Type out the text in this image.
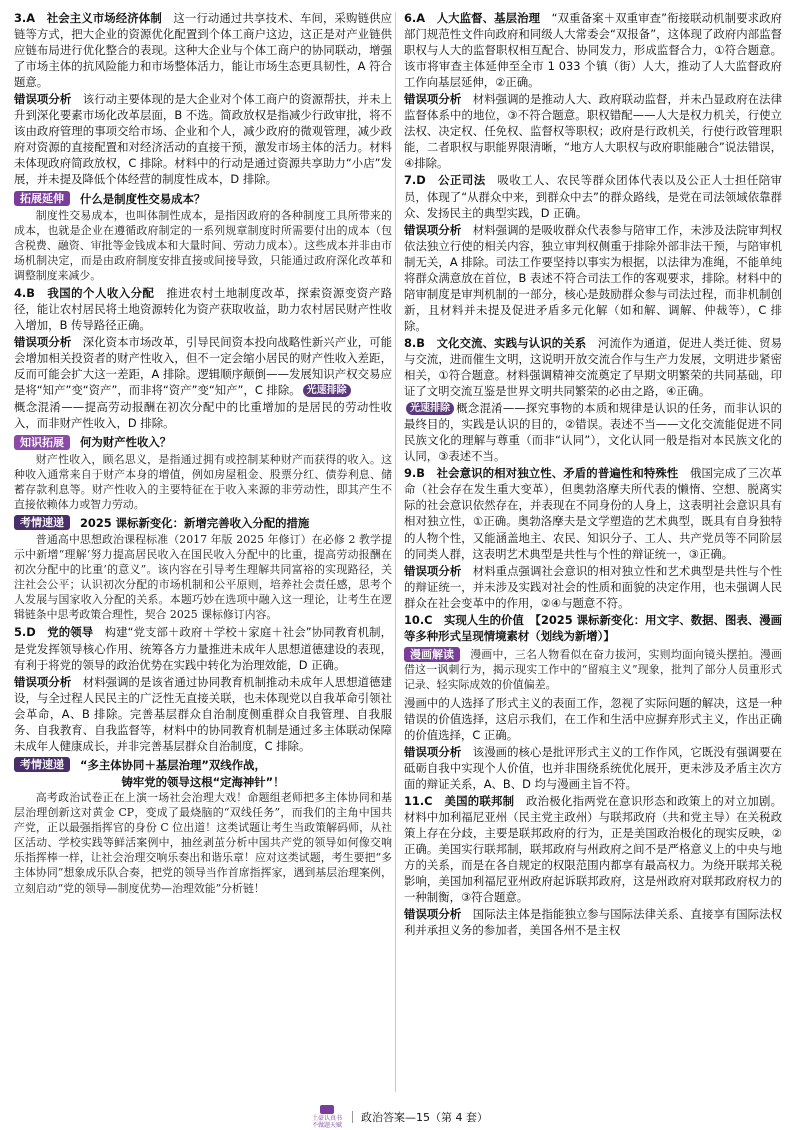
3.A　社会主义市场经济体制　这一行动通过共享技术、车间，采购链供应链等方式，把大企业的资源优化配置到个体工商户这边，这正是对产业链供应链布局进行优化整合的表现。这种大企业与个体工商户的协同联动，增强了市场主体的抗风险能力和市场整体活力，能让市场生态更具韧性，A 符合题意。

错误项分析　该行动主要体现的是大企业对个体工商户的资源帮扶，并未上升到深化要素市场化改革层面，B 不选。简政放权是指减少行政审批，将不该由政府管理的事项交给市场、企业和个人，减少政府的微观管理，减少政府对资源的直接配置和对经济活动的直接干预，激发市场主体的活力。材料未体现政府简政放权，C 排除。材料中的行动是通过资源共享助力“小店”发展，并未提及降低个体经营的制度性成本，D 排除。

拓展延伸	什么是制度性交易成本？

制度性交易成本，也叫体制性成本，是指因政府的各种制度工具所带来的成本，也就是企业在遵循政府制定的一系列规章制度时所需要付出的成本（包含税费、融资、审批等金钱成本和大量时间、劳动力成本）。这些成本并非由市场机制决定，而是由政府制度安排直接或间接导致，只能通过政府深化改革和调整制度来减少。

4.B　我国的个人收入分配　推进农村土地制度改革，探索资源变资产路径，能让农村居民将土地资源转化为资产获取收益，助力农村居民财产性收入增加，B 传导路径正确。

错误项分析　深化资本市场改革，引导民间资本投向战略性新兴产业，可能会增加相关投资者的财产性收入，但不一定会缩小居民的财产性收入差距，反而可能会扩大这一差距，A 排除。逻辑顺序颠倒——发展知识产权交易应是将“知产”变“资产”，而非将“资产”变“知产”，C 排除。 光速排除

概念混淆——提高劳动报酬在初次分配中的比重增加的是居民的劳动性收入，而非财产性收入，D 排除。

知识拓展	何为财产性收入？

财产性收入，顾名思义，是指通过拥有或控制某种财产而获得的收入。这种收入通常来自于财产本身的增值，例如房屋租金、股票分红、债券利息、储蓄存款利息等。财产性收入的主要特征在于收入来源的非劳动性，即其产生不直接依赖体力或智力劳动。

考情速递	2025 课标新变化：新增完善收入分配的措施

普通高中思想政治课程标准（2017 年版 2025 年修订）在必修 2 教学提示中新增“理解‘努力提高居民收入在国民收入分配中的比重，提高劳动报酬在初次分配中的比重’的意义”。该内容在引导考生理解共同富裕的实现路径，关注社会公平；认识初次分配的市场机制和公平原则，培养社会责任感，思考个人发展与国家收入分配的关系。本题巧妙在选项中融入这一理论，让考生在逻辑链条中思考政策合理性，契合 2025 课标修订内容。

5.D　党的领导　构建“党支部＋政府＋学校＋家庭＋社会”协同教育机制，是党发挥领导核心作用、统筹各方力量推进未成年人思想道德建设的表现，有利于将党的领导的政治优势在实践中转化为治理效能，D 正确。

错误项分析　材料强调的是该省通过协同教育机制推动未成年人思想道德建设，与全过程人民民主的广泛性无直接关联，也未体现党以自我革命引领社会革命，A、B 排除。完善基层群众自治制度侧重群众自我管理、自我服务、自我教育、自我监督等，材料中的协同教育机制是通过多主体联动保障未成年人健康成长，并非完善基层群众自治制度，C 排除。

考情速递	“多主体协同＋基层治理”双线作战，
铸牢党的领导这根“定海神针”！

高考政治试卷正在上演一场社会治理大戏！命题组老师把多主体协同和基层治理创新这对黄金 CP，变成了最烧脑的“双线任务”，而我们的主角中国共产党，正以最强指挥官的身份 C 位出道！这类试题让考生当政策解码师，从社区活动、学校实践等鲜活案例中，抽丝剥茧分析中国共产党的领导如何像交响乐指挥棒一样，让社会治理交响乐奏出和谐乐章！应对这类试题，考生要把“多主体协同”想象成乐队合奏，把党的领导当作首席指挥家，遇到基层治理案例，立刻启动“党的领导—制度优势—治理效能”分析链！

6.A　人大监督、基层治理　“双重备案＋双重审查”衔接联动机制要求政府部门规范性文件向政府和同级人大常委会“双报备”，这体现了政府内部监督职权与人大的监督职权相互配合、协同发力，形成监督合力，①符合题意。该市将审查主体延伸至全市 1 033 个镇（街）人大，推动了人大监督政府工作向基层延伸，②正确。

错误项分析　材料强调的是推动人大、政府联动监督，并未凸显政府在法律监督体系中的地位，③不符合题意。职权错配——人大是权力机关，行使立法权、决定权、任免权、监督权等职权；政府是行政机关，行使行政管理职能，二者职权与职能界限清晰，“地方人大职权与政府职能融合”说法错误，④排除。

7.D　公正司法　吸收工人、农民等群众团体代表以及公正人士担任陪审员，体现了“从群众中来，到群众中去”的群众路线，是党在司法领域依靠群众、发扬民主的典型实践，D 正确。

错误项分析　材料强调的是吸收群众代表参与陪审工作，未涉及法院审判权依法独立行使的相关内容，独立审判权侧重于排除外部非法干预，与陪审机制无关，A 排除。司法工作要坚持以事实为根据，以法律为准绳，不能单纯将群众满意放在首位，B 表述不符合司法工作的客观要求，排除。材料中的陪审制度是审判机制的一部分，核心是鼓励群众参与司法过程，而非机制创新，且材料并未提及促进矛盾多元化解（如和解、调解、仲裁等），C 排除。

8.B　文化交流、实践与认识的关系　河流作为通道，促进人类迁徙、贸易与交流，进而催生文明，这说明开放交流合作与生产力发展，文明进步紧密相关，①符合题意。材料强调精神交流奠定了早期文明繁荣的共同基础，印证了文明交流互鉴是世界文明共同繁荣的必由之路，④正确。

光速排除 概念混淆——探究事物的本质和规律是认识的任务，而非认识的最终目的，实践是认识的目的，②错误。表述不当——文化交流能促进不同民族文化的理解与尊重（而非“认同”），文化认同一般是指对本民族文化的认同，③表述不当。

9.B　社会意识的相对独立性、矛盾的普遍性和特殊性　俄国完成了三次革命（社会存在发生重大变革），但奥勃洛摩夫所代表的懒惰、空想、脱离实际的社会意识依然存在，并表现在不同身份的人身上，这表明社会意识具有相对独立性，①正确。奥勃洛摩夫是文学塑造的艺术典型，既具有自身独特的人物个性，又能涵盖地主、农民、知识分子、工人、共产党员等不同阶层的同类人群，这表明艺术典型是共性与个性的辩证统一，③正确。

错误项分析　材料重点强调社会意识的相对独立性和艺术典型是共性与个性的辩证统一，并未涉及实践对社会的性质和面貌的决定作用，也未强调人民群众在社会变革中的作用，②④与题意不符。

10.C　实现人生的价值　【2025 课标新变化：用文字、数据、图表、漫画等多种形式呈现情境素材（划线为新增）】

漫画解读 漫画中，三名人物看似在奋力拔河，实则均面向镜头摆拍。漫画借这一讽刺行为，揭示现实工作中的“留痕主义”现象，批判了部分人员重形式记录、轻实际成效的价值偏差。

漫画中的人选择了形式主义的表面工作，忽视了实际问题的解决，这是一种错误的价值选择，这启示我们，在工作和生活中应摒弃形式主义，作出正确的价值选择，C 正确。

错误项分析　该漫画的核心是批评形式主义的工作作风，它既没有强调要在砥砺自我中实现个人价值，也并非围绕系统优化展开，更未涉及矛盾主次方面的辩证关系，A、B、D 均与漫画主旨不符。

11.C　美国的联邦制　政治极化指两党在意识形态和政策上的对立加剧。材料中加利福尼亚州（民主党主政州）与联邦政府（共和党主导）在关税政策上存在分歧，主要是联邦政府的行为，正是美国政治极化的现实反映，②正确。美国实行联邦制，联邦政府与州政府之间不是严格意义上的中央与地方的关系，而是在各自规定的权限范围内都享有最高权力。为绕开联邦关税影响，美国加利福尼亚州政府起诉联邦政府，这是州政府对联邦政府权力的一种制衡，③符合题意。

错误项分析　国际法主体是指能独立参与国际法律关系、直接享有国际法权利并承担义务的参加者，美国各州不是主权

土豪认真书
不做题天赋
政治答案—15（第 4 套）
